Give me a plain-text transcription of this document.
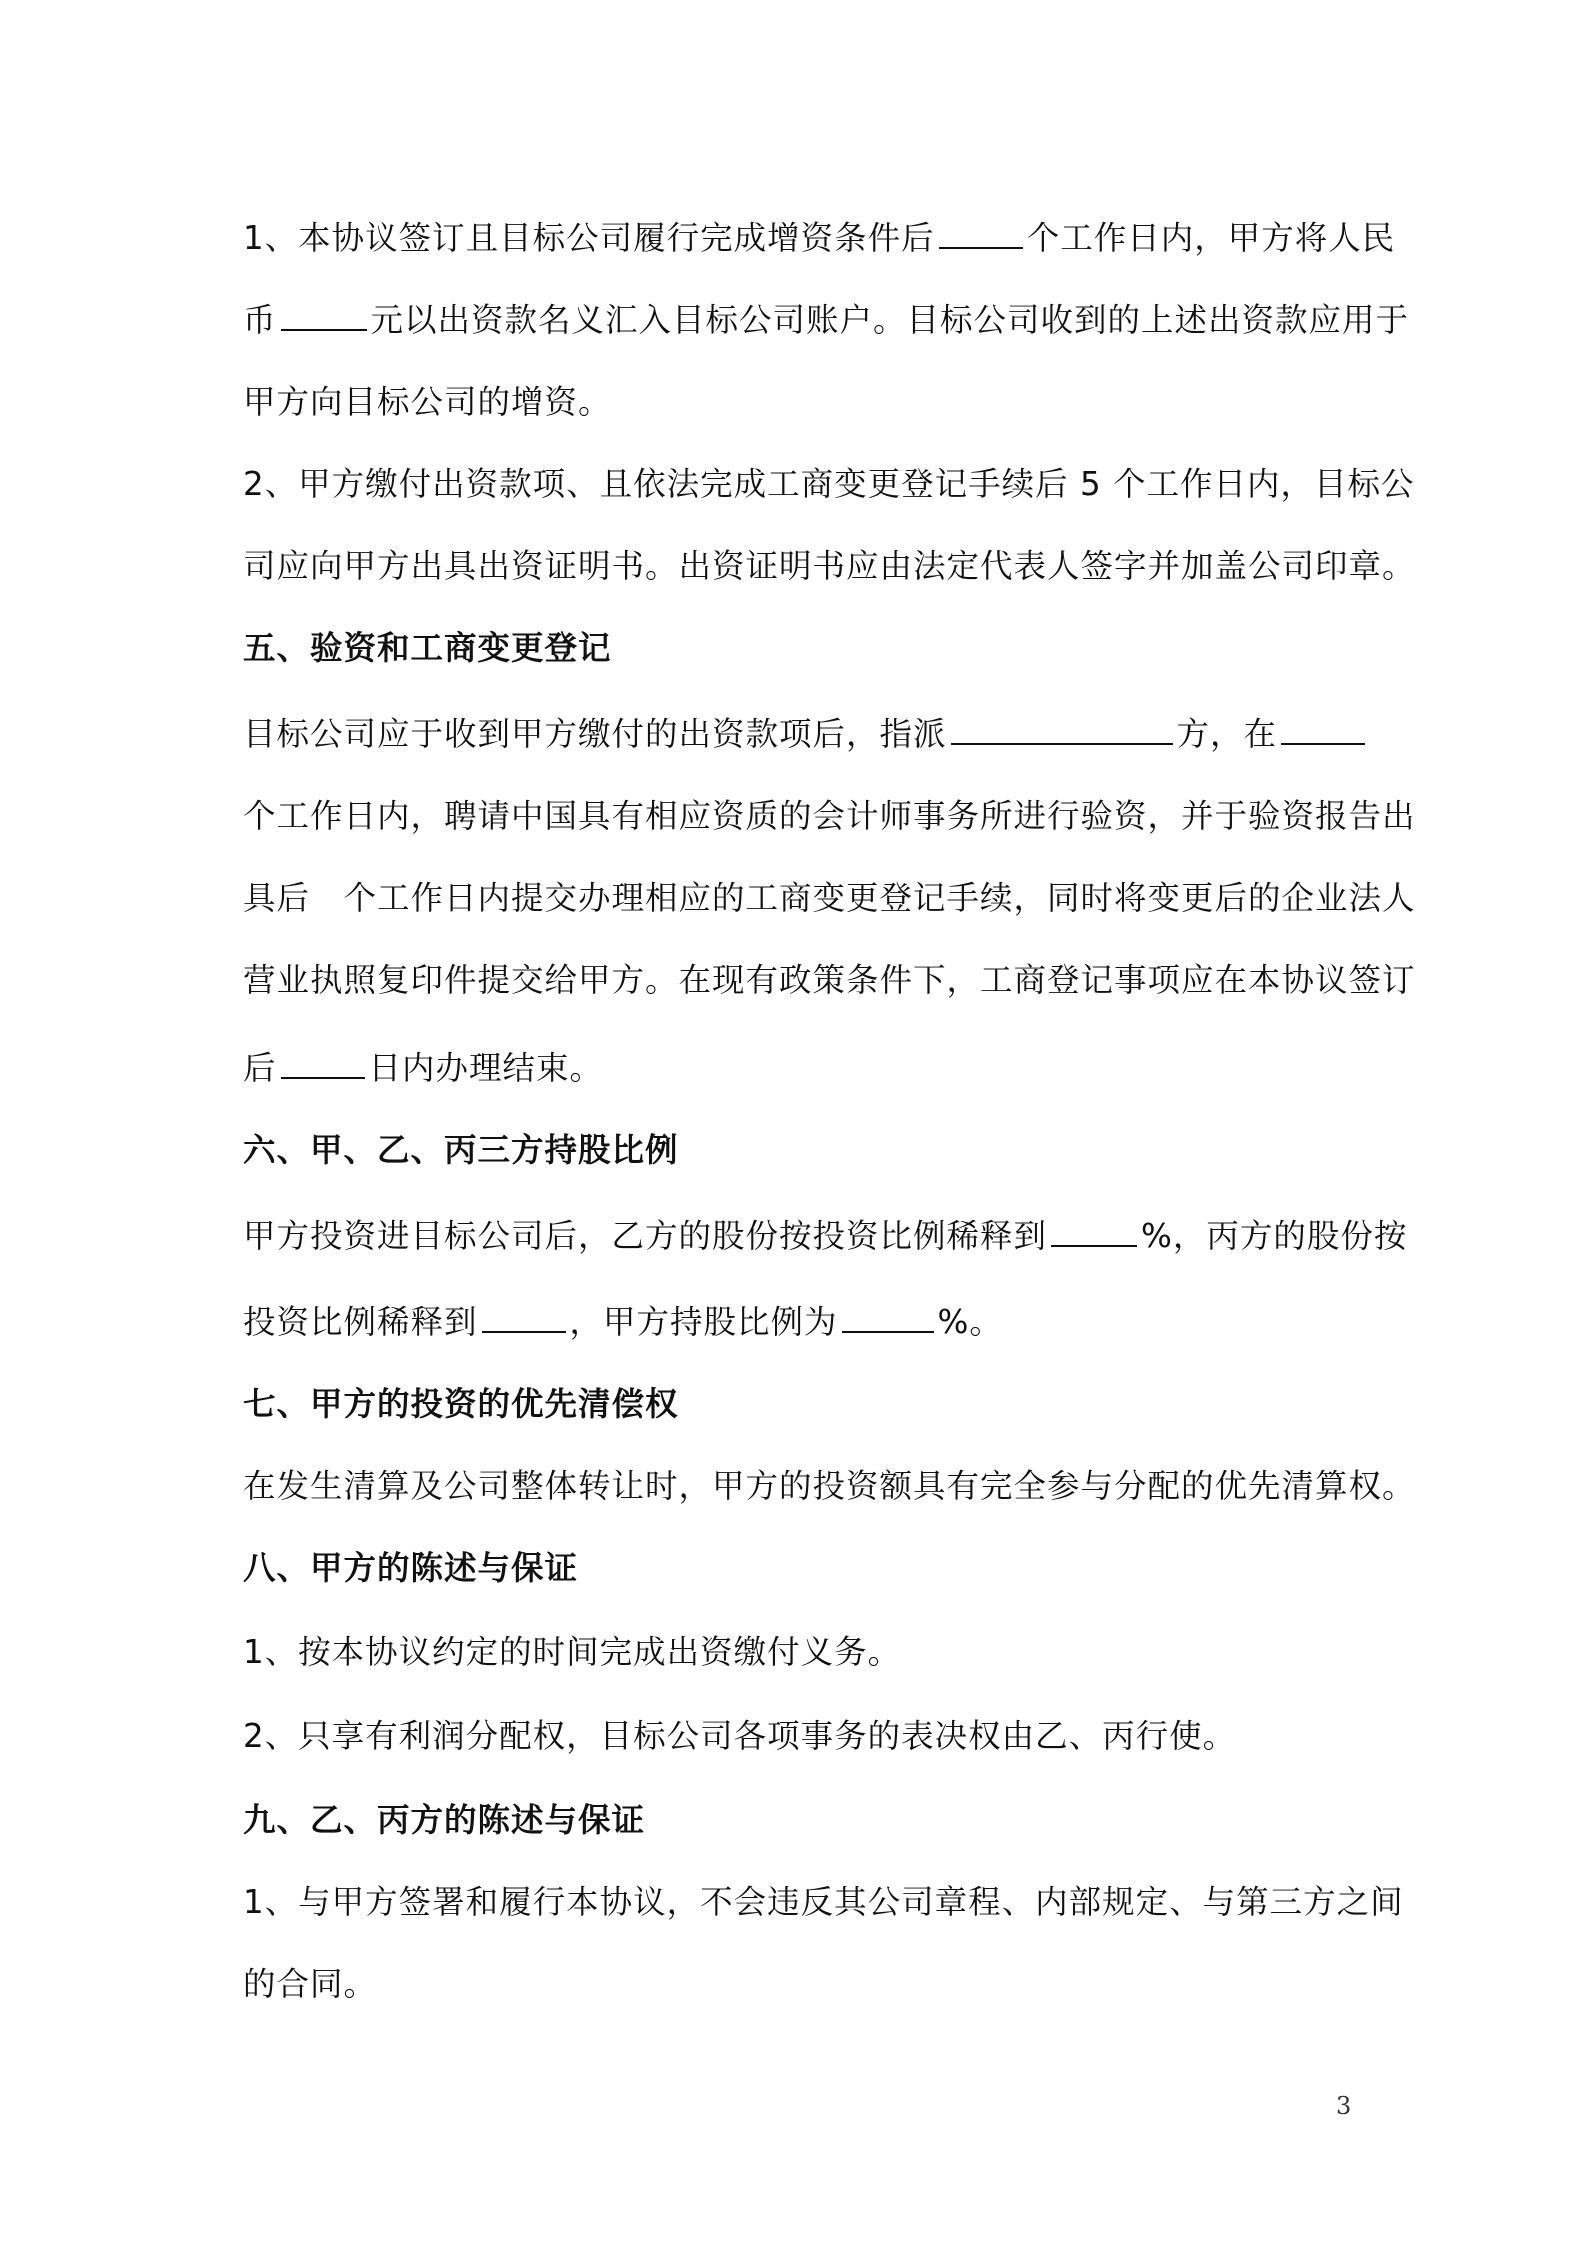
1、本协议签订且目标公司履行完成增资条件后	个工作日内，甲方将人民
币	元以出资款名义汇入目标公司账户。目标公司收到的上述出资款应用于
甲方向目标公司的增资。
2、甲方缴付出资款项、且依法完成工商变更登记手续后 5 个工作日内，目标公
司应向甲方出具出资证明书。出资证明书应由法定代表人签字并加盖公司印章。
五、验资和工商变更登记
目标公司应于收到甲方缴付的出资款项后，指派	方，在
个工作日内，聘请中国具有相应资质的会计师事务所进行验资，并于验资报告出
具后　个工作日内提交办理相应的工商变更登记手续，同时将变更后的企业法人
营业执照复印件提交给甲方。在现有政策条件下，工商登记事项应在本协议签订
后	日内办理结束。
六、甲、乙、丙三方持股比例
甲方投资进目标公司后，乙方的股份按投资比例稀释到	%，丙方的股份按
投资比例稀释到	，甲方持股比例为	%。
七、甲方的投资的优先清偿权
在发生清算及公司整体转让时，甲方的投资额具有完全参与分配的优先清算权。
八、甲方的陈述与保证
1、按本协议约定的时间完成出资缴付义务。
2、只享有利润分配权，目标公司各项事务的表决权由乙、丙行使。
九、乙、丙方的陈述与保证
1、与甲方签署和履行本协议，不会违反其公司章程、内部规定、与第三方之间
的合同。
3
